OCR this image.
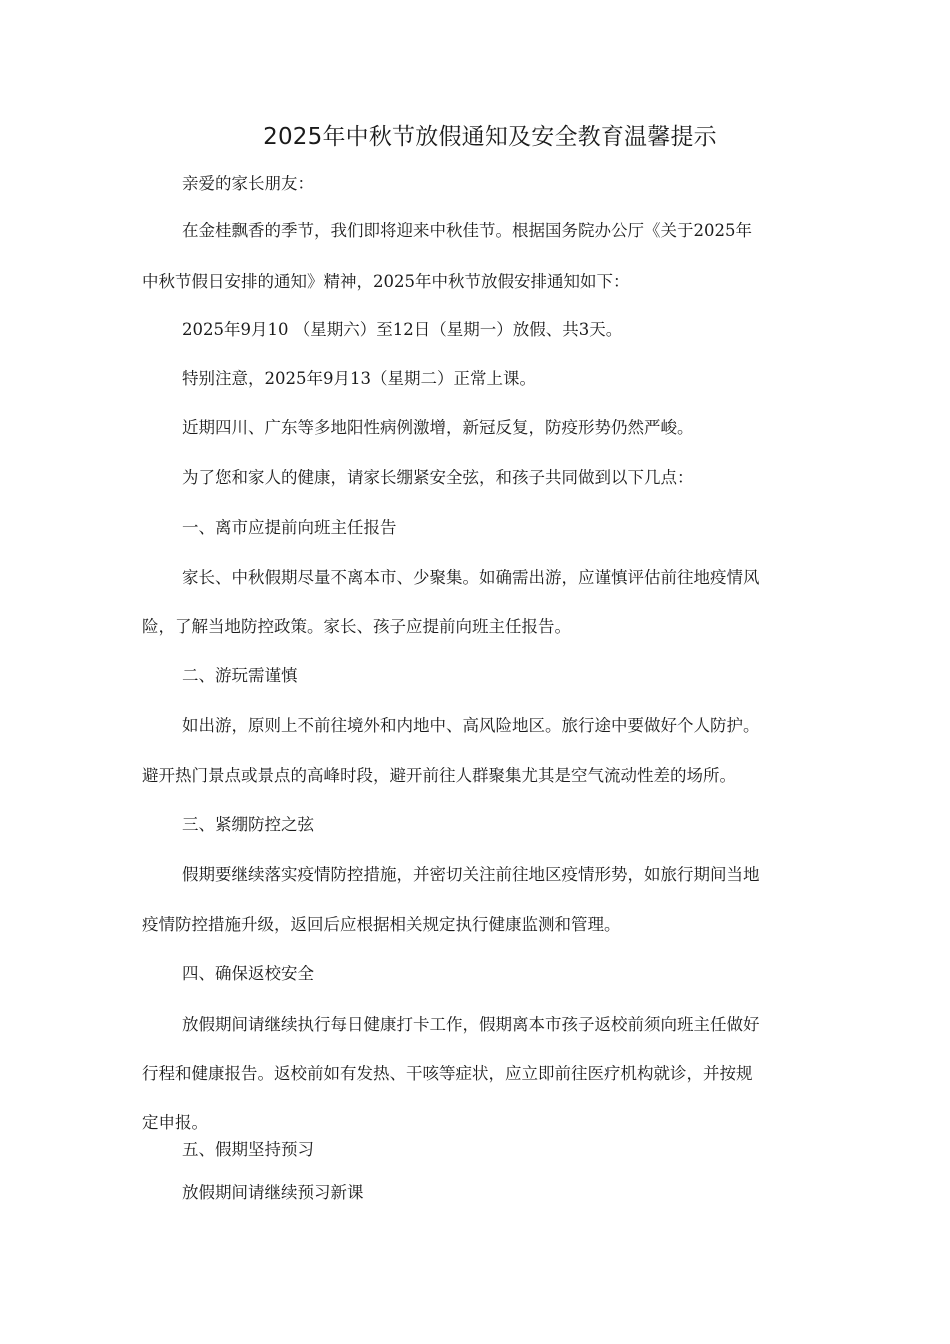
2025年中秋节放假通知及安全教育温馨提示
亲爱的家长朋友：
在金桂飘香的季节，我们即将迎来中秋佳节。根据国务院办公厅《关于2025年
中秋节假日安排的通知》精神，2025年中秋节放假安排通知如下：
2025年9月10 （星期六）至12日（星期一）放假、共3天。
特别注意，2025年9月13（星期二）正常上课。
近期四川、广东等多地阳性病例激增，新冠反复，防疫形势仍然严峻。
为了您和家人的健康，请家长绷紧安全弦，和孩子共同做到以下几点：
一、离市应提前向班主任报告
家长、中秋假期尽量不离本市、少聚集。如确需出游，应谨慎评估前往地疫情风
险，了解当地防控政策。家长、孩子应提前向班主任报告。
二、游玩需谨慎
如出游，原则上不前往境外和内地中、高风险地区。旅行途中要做好个人防护。
避开热门景点或景点的高峰时段，避开前往人群聚集尤其是空气流动性差的场所。
三、紧绷防控之弦
假期要继续落实疫情防控措施，并密切关注前往地区疫情形势，如旅行期间当地
疫情防控措施升级，返回后应根据相关规定执行健康监测和管理。
四、确保返校安全
放假期间请继续执行每日健康打卡工作，假期离本市孩子返校前须向班主任做好
行程和健康报告。返校前如有发热、干咳等症状，应立即前往医疗机构就诊，并按规
定申报。
五、假期坚持预习
放假期间请继续预习新课
